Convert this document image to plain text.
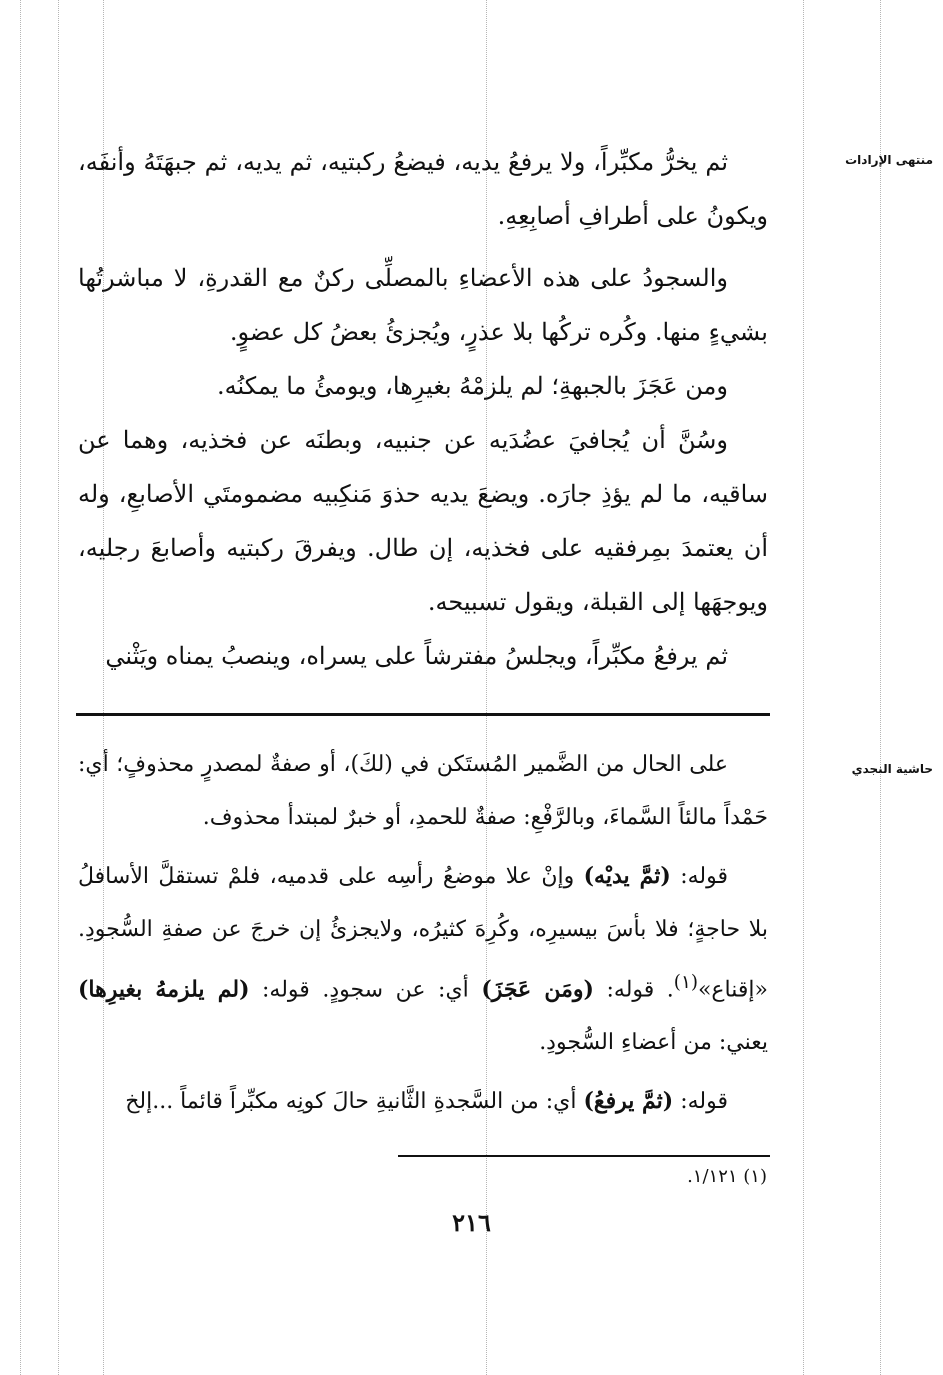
منتهى الإرادات
حاشية النجدي

ثم يخرُّ مكبِّراً، ولا يرفعُ يديه، فيضعُ ركبتيه، ثم يديه، ثم جبهَتَهُ وأنفَه، ويكونُ على أطرافِ أصابِعِهِ.

والسجودُ على هذه الأعضاءِ بالمصلِّى ركنٌ مع القدرةِ، لا مباشرتُها بشيءٍ منها. وكُره تركُها بلا عذرٍ، ويُجزئُ بعضُ كل عضوٍ.

ومن عَجَزَ بالجبهةِ؛ لم يلزمْهُ بغيرِها، ويومئُ ما يمكنُه.

وسُنَّ أن يُجافيَ عضُدَيه عن جنبيه، وبطنَه عن فخذيه، وهما عن ساقيه، ما لم يؤذِ جارَه. ويضعَ يديه حذوَ مَنكِبيه مضمومتَي الأصابعِ، وله أن يعتمدَ بمِرفقيه على فخذيه، إن طال. ويفرقَ ركبتيه وأصابعَ رجليه، ويوجهَها إلى القبلة، ويقول تسبيحه.

ثم يرفعُ مكبِّراً، ويجلسُ مفترشاً على يسراه، وينصبُ يمناه ويَثْني

على الحال من الضَّمير المُستَكن في (لكَ)، أو صفةٌ لمصدرٍ محذوفٍ؛ أي: حَمْداً مالئاً السَّماءَ، وبالرَّفْعِ: صفةٌ للحمدِ، أو خبرٌ لمبتدأ محذوف.

قوله: (ثمَّ يديْه) وإنْ علا موضعُ رأسِه على قدميه، فلمْ تستقلَّ الأسافلُ بلا حاجةٍ؛ فلا بأسَ بيسيرِه، وكُرِهَ كثيرُه، ولايجزئُ إن خرجَ عن صفةِ السُّجودِ. «إقناع»$^{(١)}$. قوله: (ومَن عَجَزَ) أي: عن سجودٍ. قوله: (لم يلزمهُ بغيرِها) يعني: من أعضاءِ السُّجودِ.

قوله: (ثمَّ يرفعُ) أي: من السَّجدةِ الثَّانيةِ حالَ كونِه مكبِّراً قائماً ...إلخ

(١) ١/١٢١.
٢١٦
